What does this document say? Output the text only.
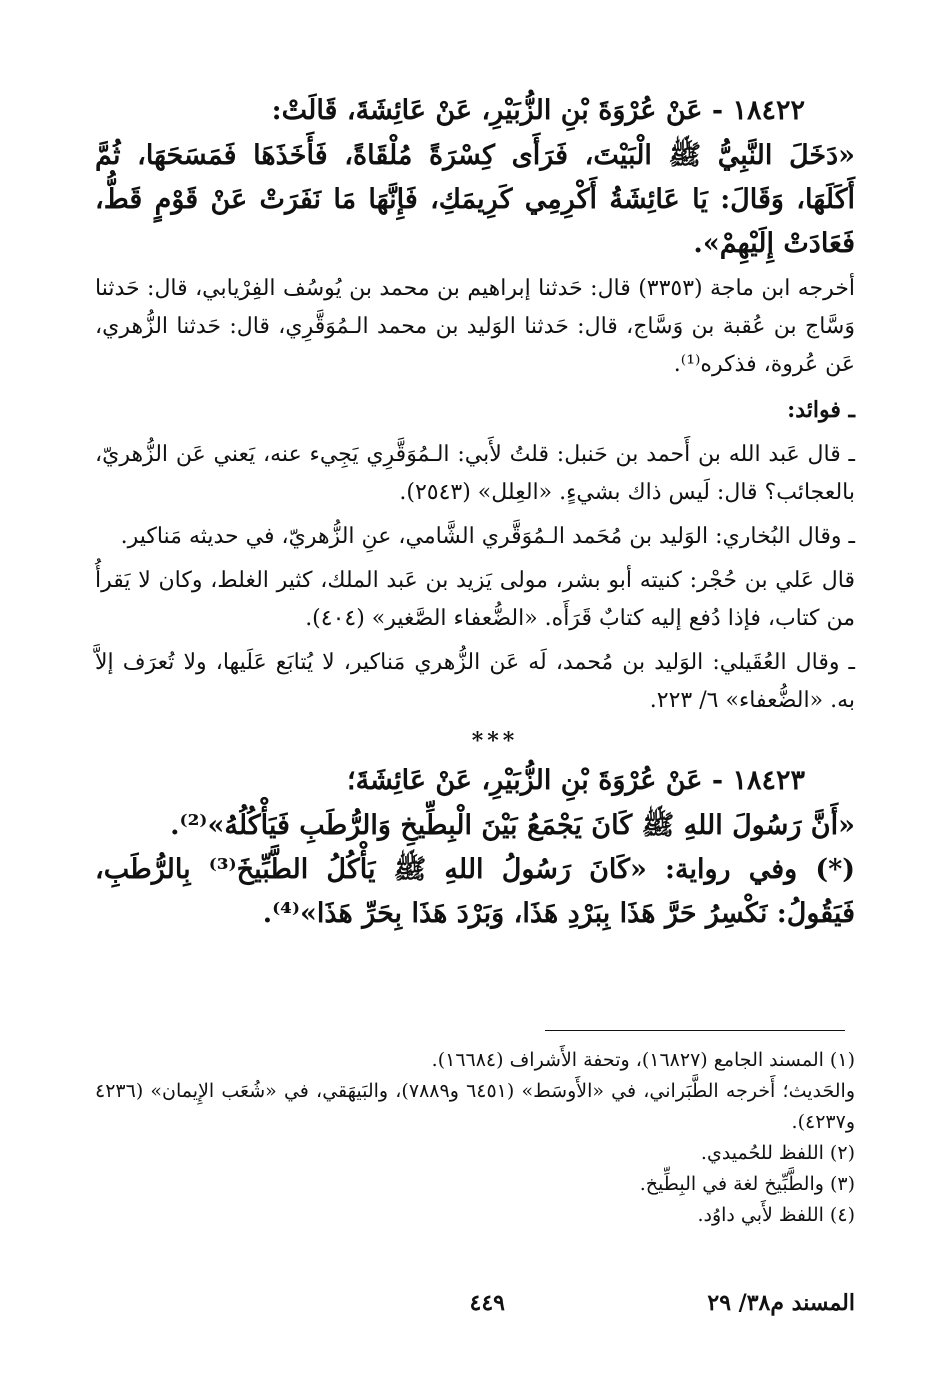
١٨٤٢٢ - عَنْ عُرْوَةَ بْنِ الزُّبَيْرِ، عَنْ عَائِشَةَ، قَالَتْ:

«دَخَلَ النَّبِيُّ ﷺ الْبَيْتَ، فَرَأَى كِسْرَةً مُلْقَاةً، فَأَخَذَهَا فَمَسَحَهَا، ثُمَّ أَكَلَهَا، وَقَالَ: يَا عَائِشَةُ أَكْرِمِي كَرِيمَكِ، فَإِنَّهَا مَا نَفَرَتْ عَنْ قَوْمٍ قَطُّ، فَعَادَتْ إِلَيْهِمْ».

أخرجه ابن ماجة (٣٣٥٣) قال: حَدثنا إبراهيم بن محمد بن يُوسُف الفِرْيابي، قال: حَدثنا وَسَّاج بن عُقبة بن وَسَّاج، قال: حَدثنا الوَليد بن محمد الـمُوَقَّرِي، قال: حَدثنا الزُّهري، عَن عُروة، فذكره⁽¹⁾.

ـ فوائد:

ـ قال عَبد الله بن أَحمد بن حَنبل: قلتُ لأَبي: الـمُوَقَّرِي يَجِيء عنه، يَعني عَن الزُّهريّ، بالعجائب؟ قال: لَيس ذاك بشيءٍ. «العِلل» (٢٥٤٣).

ـ وقال البُخاري: الوَليد بن مُحَمد الـمُوَقَّري الشَّامي، عنِ الزُّهريّ، في حديثه مَناكير.

قال عَلي بن حُجْر: كنيته أبو بشر، مولى يَزيد بن عَبد الملك، كثير الغلط، وكان لا يَقرأُ من كتاب، فإذا دُفع إليه كتابٌ قَرَأَه. «الضُّعفاء الصَّغير» (٤٠٤).

ـ وقال العُقَيلي: الوَليد بن مُحمد، لَه عَن الزُّهري مَناكير، لا يُتابَع عَلَيها، ولا تُعرَف إلاَّ به. «الضُّعفاء» ٦/ ٢٢٣.

***

١٨٤٢٣ - عَنْ عُرْوَةَ بْنِ الزُّبَيْرِ، عَنْ عَائِشَةَ؛

«أَنَّ رَسُولَ اللهِ ﷺ كَانَ يَجْمَعُ بَيْنَ الْبِطِّيخِ وَالرُّطَبِ فَيَأْكُلُهُ»⁽²⁾.

(*) وفي رواية: «كَانَ رَسُولُ اللهِ ﷺ يَأْكُلُ الطَّبِّيخَ⁽³⁾ بِالرُّطَبِ، فَيَقُولُ: نَكْسِرُ حَرَّ هَذَا بِبَرْدِ هَذَا، وَبَرْدَ هَذَا بِحَرِّ هَذَا»⁽⁴⁾.

(١) المسند الجامع (١٦٨٢٧)، وتحفة الأَشراف (١٦٦٨٤).

والحَديث؛ أَخرجه الطَّبَراني، في «الأَوسَط» (٦٤٥١ و٧٨٨٩)، والبَيهَقي، في «شُعَب الإِيمان» (٤٢٣٦ و٤٢٣٧).

(٢) اللفظ للحُميدي.

(٣) والطَّبِّيخ لغة في البِطِّيخ.

(٤) اللفظ لأَبي داوُد.

المسند م٣٨/ ٢٩
٤٤٩
